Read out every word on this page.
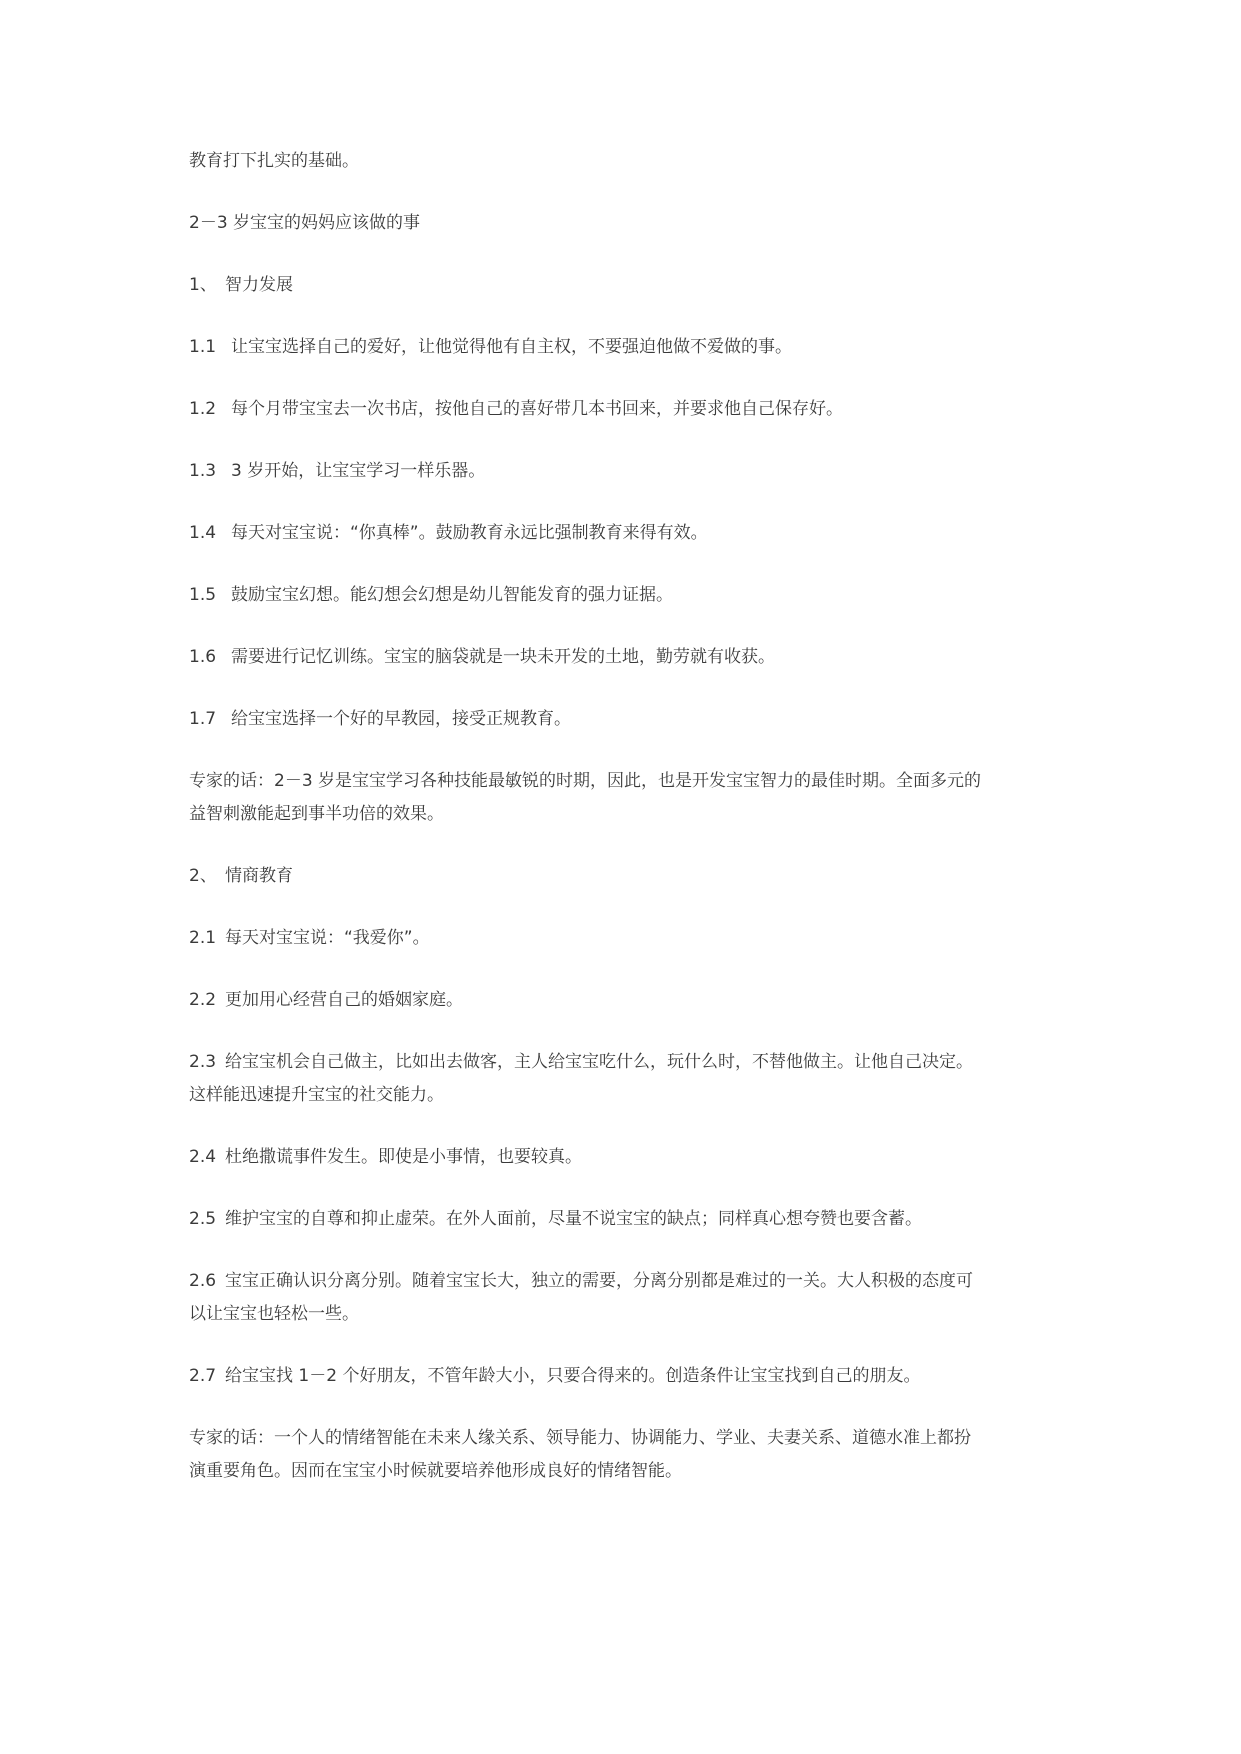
教育打下扎实的基础。

2－3 岁宝宝的妈妈应该做的事

1、 智力发展

1.1 让宝宝选择自己的爱好，让他觉得他有自主权，不要强迫他做不爱做的事。

1.2 每个月带宝宝去一次书店，按他自己的喜好带几本书回来，并要求他自己保存好。

1.3 3 岁开始，让宝宝学习一样乐器。

1.4 每天对宝宝说：“你真棒”。鼓励教育永远比强制教育来得有效。

1.5 鼓励宝宝幻想。能幻想会幻想是幼儿智能发育的强力证据。

1.6 需要进行记忆训练。宝宝的脑袋就是一块未开发的土地，勤劳就有收获。

1.7 给宝宝选择一个好的早教园，接受正规教育。

专家的话：2－3 岁是宝宝学习各种技能最敏锐的时期，因此，也是开发宝宝智力的最佳时期。全面多元的

益智刺激能起到事半功倍的效果。

2、 情商教育

2.1 每天对宝宝说：“我爱你”。

2.2 更加用心经营自己的婚姻家庭。

2.3 给宝宝机会自己做主，比如出去做客，主人给宝宝吃什么，玩什么时，不替他做主。让他自己决定。

这样能迅速提升宝宝的社交能力。

2.4 杜绝撒谎事件发生。即使是小事情，也要较真。

2.5 维护宝宝的自尊和抑止虚荣。在外人面前，尽量不说宝宝的缺点；同样真心想夸赞也要含蓄。

2.6 宝宝正确认识分离分别。随着宝宝长大，独立的需要，分离分别都是难过的一关。大人积极的态度可

以让宝宝也轻松一些。

2.7 给宝宝找 1－2 个好朋友，不管年龄大小，只要合得来的。创造条件让宝宝找到自己的朋友。

专家的话：一个人的情绪智能在未来人缘关系、领导能力、协调能力、学业、夫妻关系、道德水准上都扮

演重要角色。因而在宝宝小时候就要培养他形成良好的情绪智能。
